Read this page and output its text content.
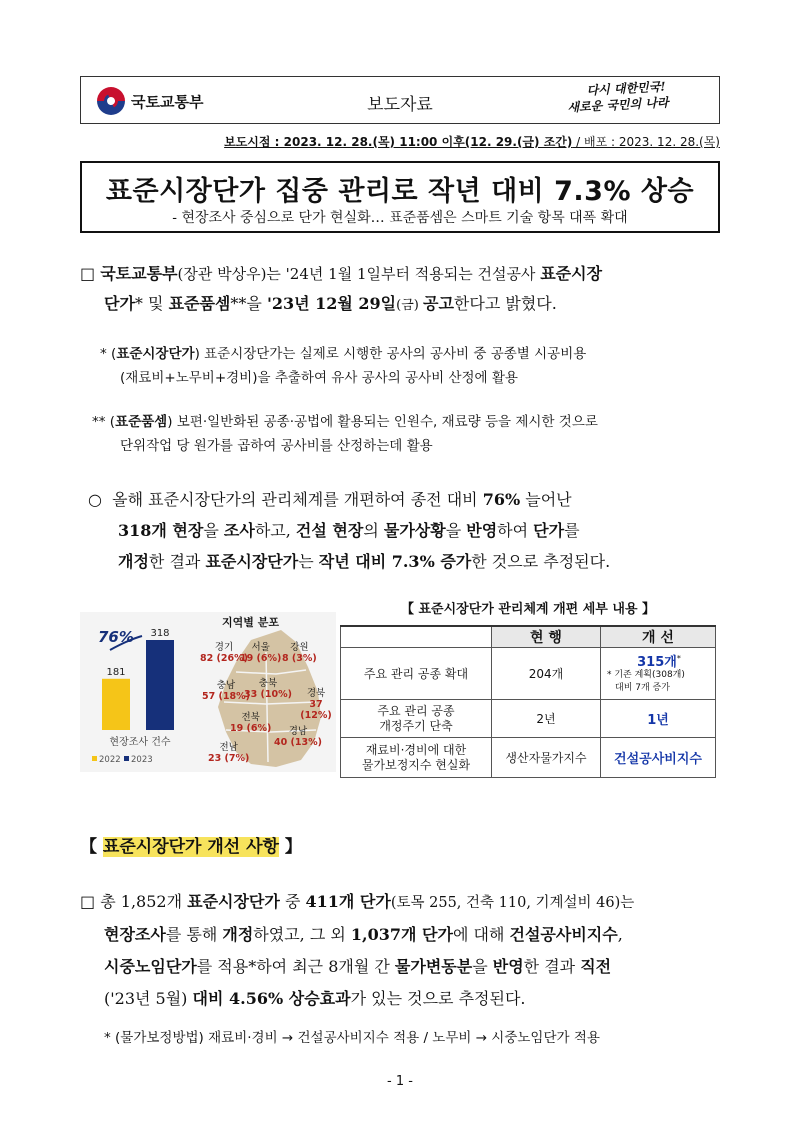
국토교통부	보도자료
다시 대한민국!
새로운 국민의 나라
보도시점 : 2023. 12. 28.(목) 11:00 이후(12. 29.(금) 조간) / 배포 : 2023. 12. 28.(목)
표준시장단가 집중 관리로 작년 대비 7.3% 상승
- 현장조사 중심으로 단가 현실화… 표준품셈은 스마트 기술 항목 대폭 확대
□ 국토교통부(장관 박상우)는 '24년 1월 1일부터 적용되는 건설공사 표준시장
단가* 및 표준품셈**을 '23년 12월 29일(금) 공고한다고 밝혔다.
* (표준시장단가) 표준시장단가는 실제로 시행한 공사의 공사비 중 공종별 시공비용
(재료비+노무비+경비)을 추출하여 유사 공사의 공사비 산정에 활용
** (표준품셈) 보편·일반화된 공종·공법에 활용되는 인원수, 재료량 등을 제시한 것으로
단위작업 당 원가를 곱하여 공사비를 산정하는데 활용
○ 올해 표준시장단가의 관리체계를 개편하여 종전 대비 76% 늘어난
318개 현장을 조사하고, 건설 현장의 물가상황을 반영하여 단가를
개정한 결과 표준시장단가는 작년 대비 7.3% 증가한 것으로 추정된다.
181
318
76%
현장조사 건수
2022 2023
지역별 분포
경기
82 (26%)
서울
19 (6%)
강원
8 (3%)
충남
57 (18%)
충북
33 (10%)	경북
37 (12%)
전북
19 (6%)	경남
40 (13%)
전남
23 (7%)
【 표준시장단가 관리체계 개편 세부 내용 】
	현 행	개 선
주요 관리 공종 확대	204개	315개*
* 기존 계획(308개)
대비 7개 증가

주요 관리 공종
개정주기 단축	2년	1년

재료비·경비에 대한
물가보정지수 현실화	생산자물가지수	건설공사비지수
【 표준시장단가 개선 사항 】
□ 총 1,852개 표준시장단가 중 411개 단가(토목 255, 건축 110, 기계설비 46)는
현장조사를 통해 개정하였고, 그 외 1,037개 단가에 대해 건설공사비지수,
시중노임단가를 적용*하여 최근 8개월 간 물가변동분을 반영한 결과 직전
('23년 5월) 대비 4.56% 상승효과가 있는 것으로 추정된다.
* (물가보정방법) 재료비·경비 → 건설공사비지수 적용 / 노무비 → 시중노임단가 적용
- 1 -
